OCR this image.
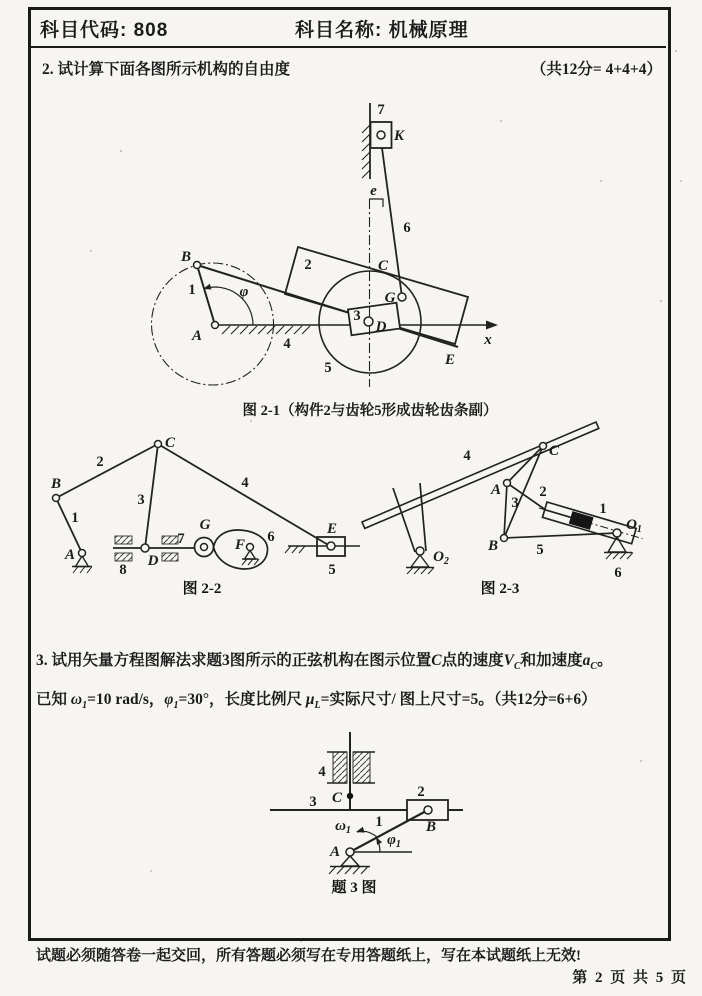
科目代码: 808	科目名称: 机械原理
2. 试计算下面各图所示机构的自由度	（共12分= 4+4+4）
7
K
6
e
B
1	φ
A	4
2	C
G
3
D
5	E
x
图 2-1（构件2与齿轮5形成齿轮齿条副）
C
2
B
1
A
3
4
8
D
7
G
F 6	E
5
图 2-2
4	C
A	2
3	1
$O_1$
B	5
6
$O_2$
图 2-3
3. 试用矢量方程图解法求题3图所示的正弦机构在图示位置C点的速度$V_C$和加速度$a_C$。
已知 $\omega_1=10$ rad/s，$\varphi_1=30^\circ$，长度比例尺 $\mu_L=$实际尺寸/ 图上尺寸=5。（共12分=6+6）
4
3 C	2
B
1
$\omega_1$
$\varphi_1$
A
题 3 图
试题必须随答卷一起交回，所有答题必须写在专用答题纸上，写在本试题纸上无效!
第 2 页 共 5 页
